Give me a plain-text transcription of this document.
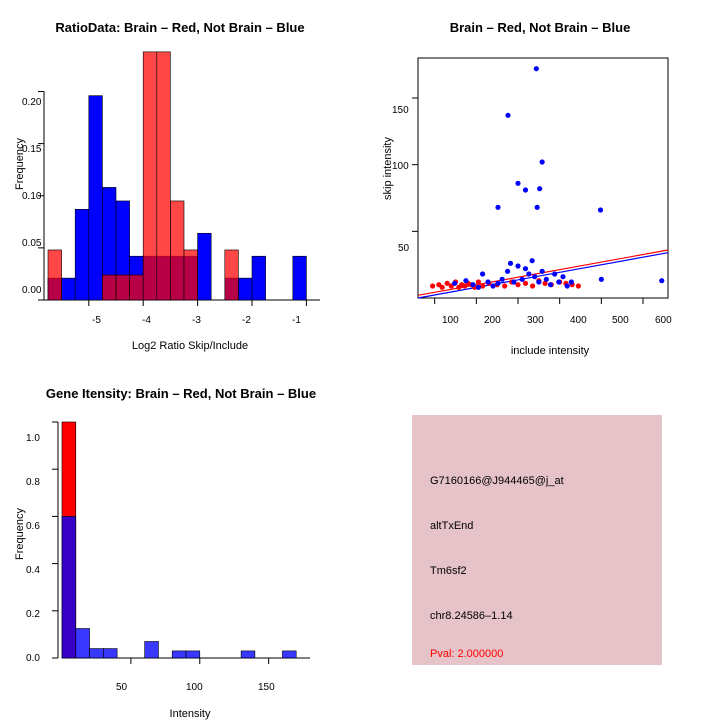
RatioData: Brain – Red, Not Brain – Blue
Frequency
Log2 Ratio Skip/Include
0.00
0.05
0.10
0.15
0.20
-5	-4	-3	-2	-1
Brain – Red, Not Brain – Blue
skip intensity
include intensity
50
100
150
100	200	300	400	500	600
Gene Itensity: Brain – Red, Not Brain – Blue
Frequency
Intensity
0.0
0.2
0.4
0.6
0.8
1.0
50	100	150
G7160166@J944465@j_at
altTxEnd
Tm6sf2
chr8.24586–1.14
Pval: 2.000000
